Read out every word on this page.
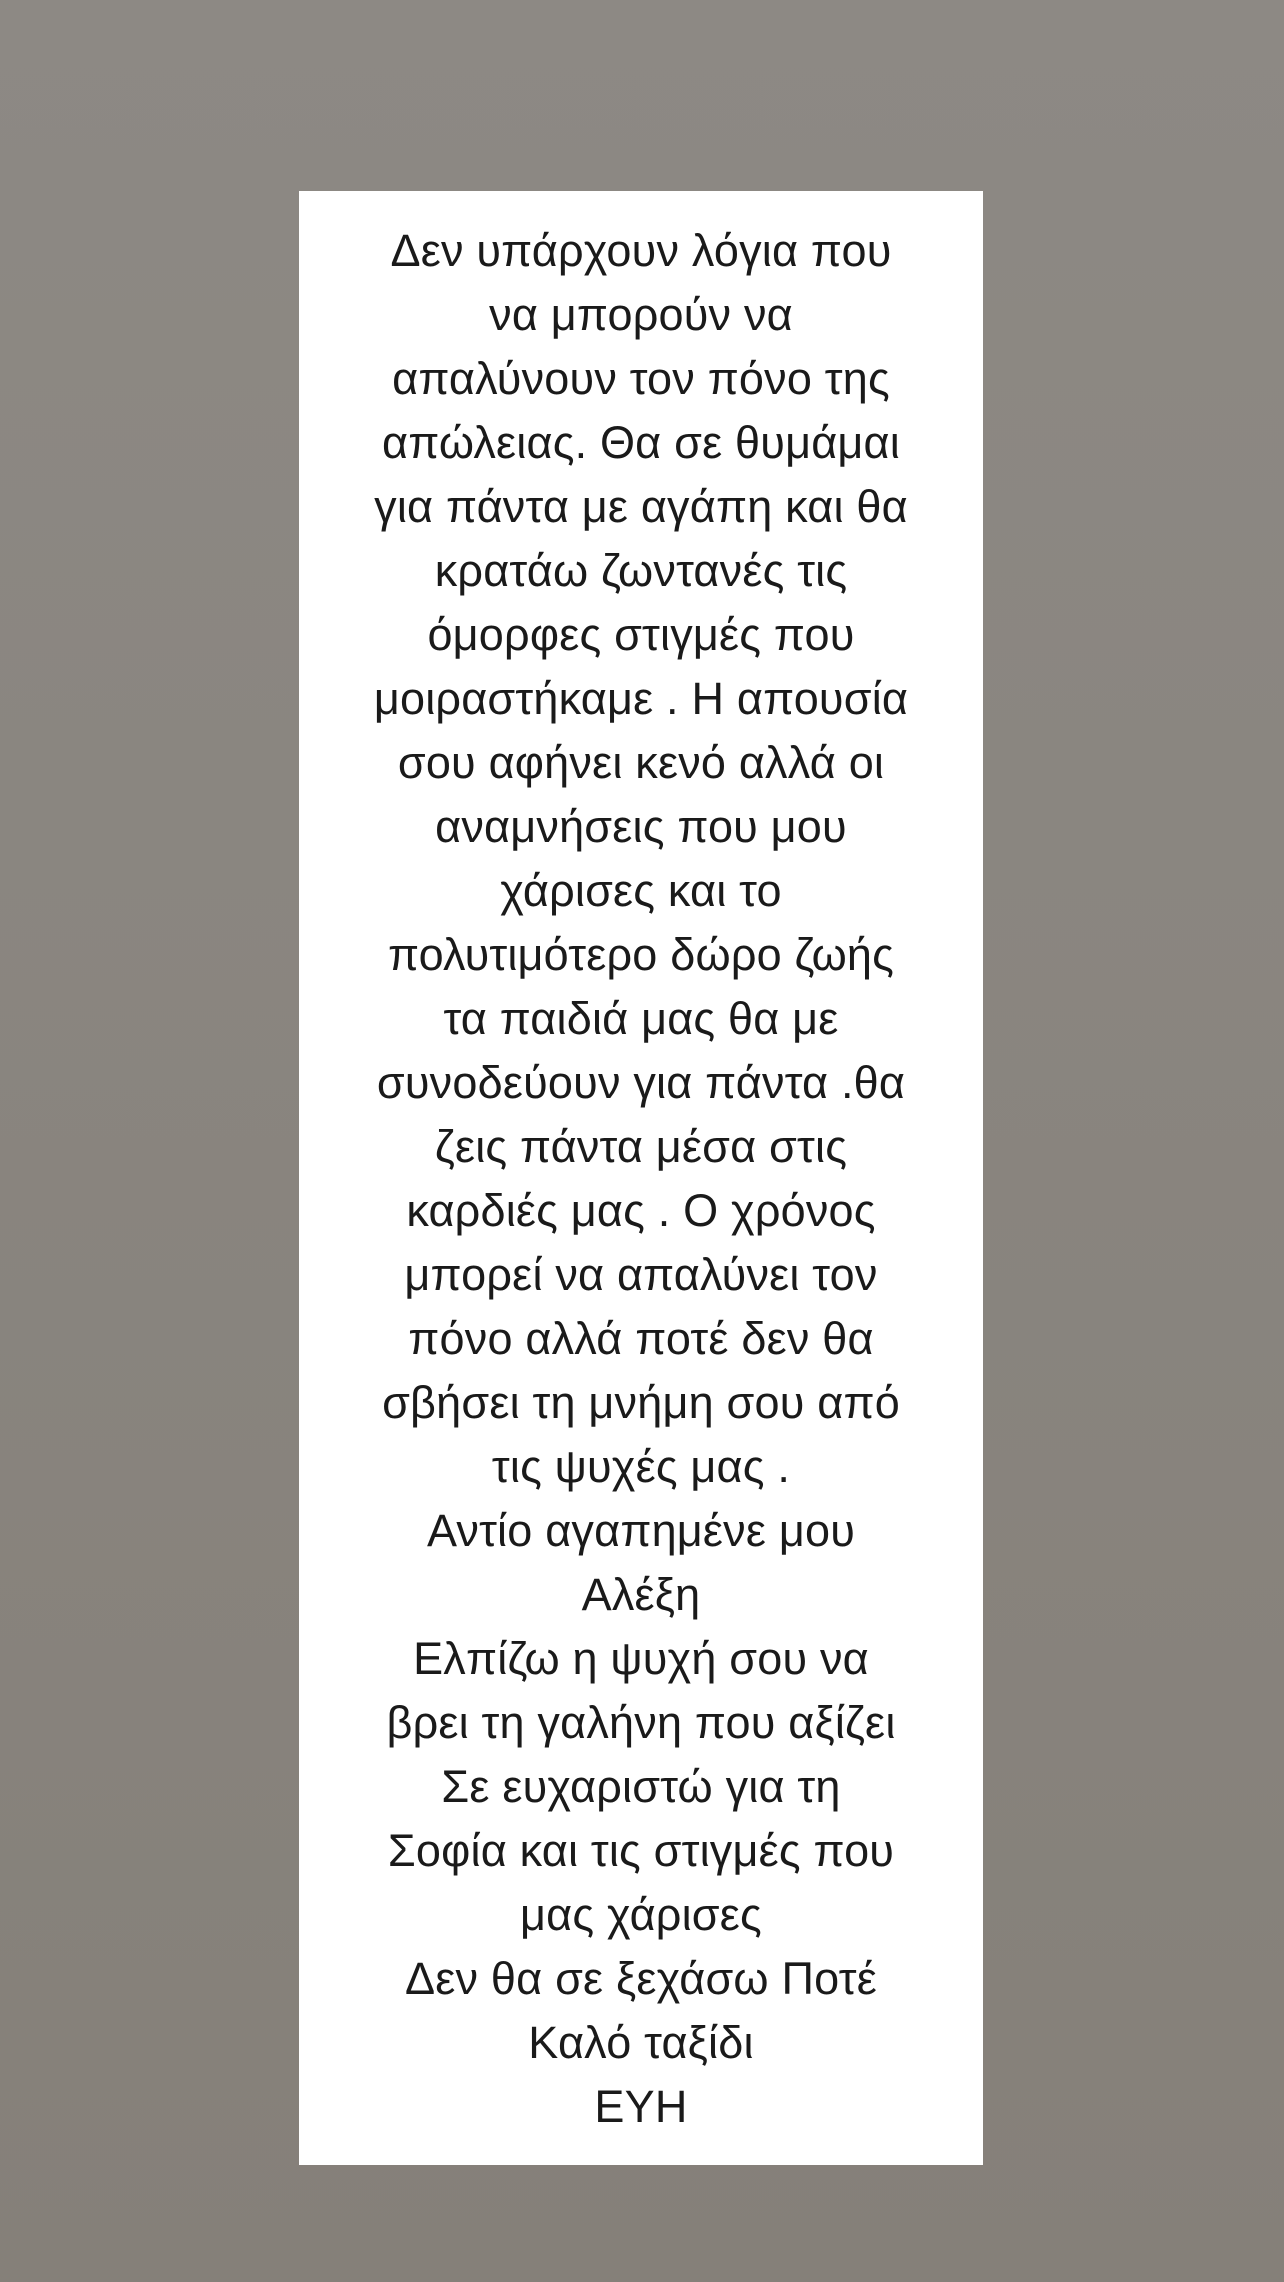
Δεν υπάρχουν λόγια που
να μπορούν να
απαλύνουν τον πόνο της
απώλειας. Θα σε θυμάμαι
για πάντα με αγάπη και θα
κρατάω ζωντανές τις
όμορφες στιγμές που
μοιραστήκαμε . Η απουσία
σου αφήνει κενό αλλά οι
αναμνήσεις που μου
χάρισες και το
πολυτιμότερο δώρο ζωής
τα παιδιά μας θα με
συνοδεύουν για πάντα .θα
ζεις πάντα μέσα στις
καρδιές μας . Ο χρόνος
μπορεί να απαλύνει τον
πόνο αλλά ποτέ δεν θα
σβήσει τη μνήμη σου από
τις ψυχές μας .
Αντίο αγαπημένε μου
Αλέξη
Ελπίζω η ψυχή σου να
βρει τη γαλήνη που αξίζει
Σε ευχαριστώ για τη
Σοφία και τις στιγμές που
μας χάρισες
Δεν θα σε ξεχάσω Ποτέ
Καλό ταξίδι
ΕΥΗ
